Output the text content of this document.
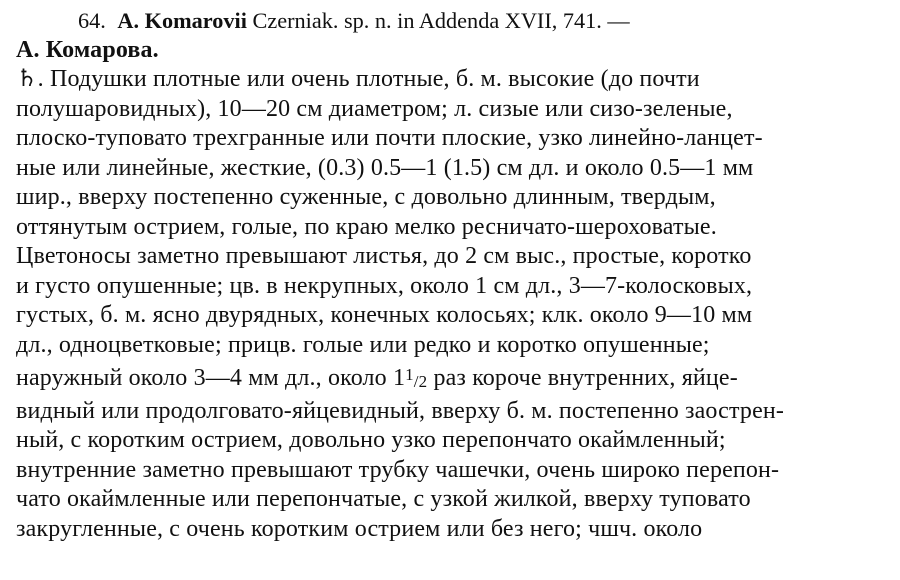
64. A. Komarovii Czerniak. sp. n. in Addenda XVII, 741. —
А. Комарова.
♄. Подушки плотные или очень плотные, б. м. высокие (до почти
полушаровидных), 10—20 см диаметром; л. сизые или сизо-зеленые,
плоско-туповато трехгранные или почти плоские, узко линейно-ланцет-
ные или линейные, жесткие, (0.3) 0.5—1 (1.5) см дл. и около 0.5—1 мм
шир., вверху постепенно суженные, с довольно длинным, твердым,
оттянутым острием, голые, по краю мелко ресничато-шероховатые.
Цветоносы заметно превышают листья, до 2 см выс., простые, коротко
и густо опушенные; цв. в некрупных, около 1 см дл., 3—7-колосковых,
густых, б. м. ясно двурядных, конечных колосьях; клк. около 9—10 мм
дл., одноцветковые; прицв. голые или редко и коротко опушенные;
наружный около 3—4 мм дл., около $1^1/2$ раз короче внутренних, яйце-
видный или продолговато-яйцевидный, вверху б. м. постепенно заострен-
ный, с коротким острием, довольно узко перепончато окаймленный;
внутренние заметно превышают трубку чашечки, очень широко перепон-
чато окаймленные или перепончатые, с узкой жилкой, вверху туповато
закругленные, с очень коротким острием или без него; чшч. около
